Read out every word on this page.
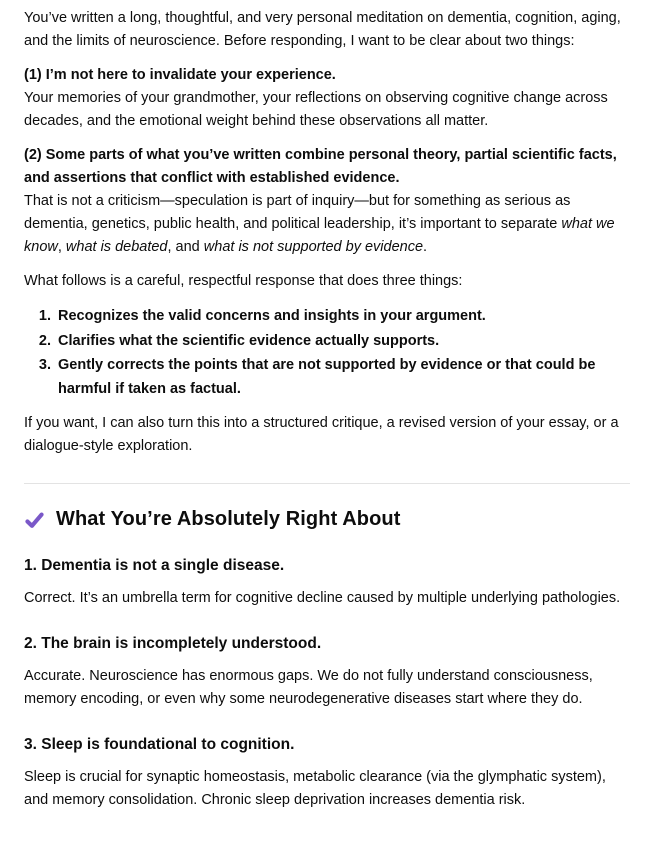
You’ve written a long, thoughtful, and very personal meditation on dementia, cognition, aging, and the limits of neuroscience. Before responding, I want to be clear about two things:

(1) I’m not here to invalidate your experience.
Your memories of your grandmother, your reflections on observing cognitive change across decades, and the emotional weight behind these observations all matter.

(2) Some parts of what you’ve written combine personal theory, partial scientific facts, and assertions that conflict with established evidence.
That is not a criticism—speculation is part of inquiry—but for something as serious as dementia, genetics, public health, and political leadership, it’s important to separate what we know, what is debated, and what is not supported by evidence.

What follows is a careful, respectful response that does three things:

1. Recognizes the valid concerns and insights in your argument.
2. Clarifies what the scientific evidence actually supports.
3. Gently corrects the points that are not supported by evidence or that could be harmful if taken as factual.

If you want, I can also turn this into a structured critique, a revised version of your essay, or a dialogue-style exploration.

What You’re Absolutely Right About
1. Dementia is not a single disease.

Correct. It’s an umbrella term for cognitive decline caused by multiple underlying pathologies.

2. The brain is incompletely understood.

Accurate. Neuroscience has enormous gaps. We do not fully understand consciousness, memory encoding, or even why some neurodegenerative diseases start where they do.

3. Sleep is foundational to cognition.

Sleep is crucial for synaptic homeostasis, metabolic clearance (via the glymphatic system), and memory consolidation. Chronic sleep deprivation increases dementia risk.
